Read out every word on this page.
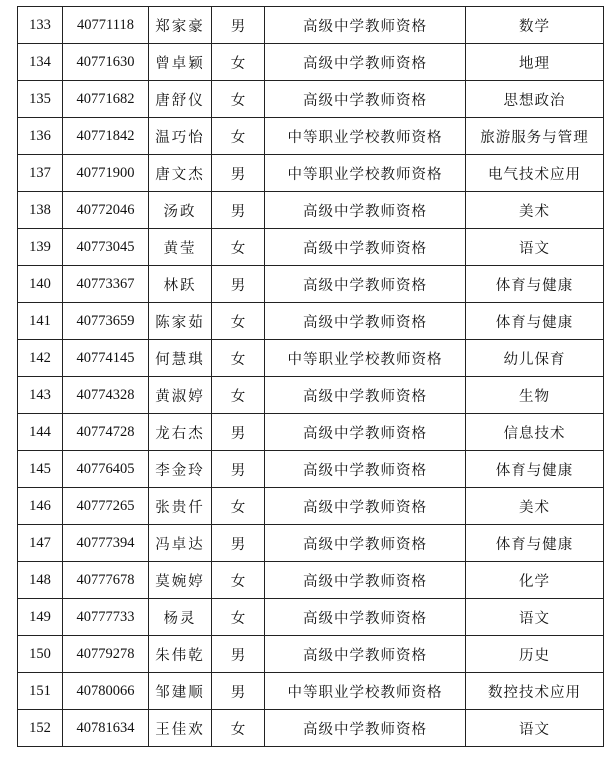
133	40771118	郑家豪	男	高级中学教师资格	数学
134	40771630	曾卓颖	女	高级中学教师资格	地理
135	40771682	唐舒仪	女	高级中学教师资格	思想政治
136	40771842	温巧怡	女	中等职业学校教师资格	旅游服务与管理
137	40771900	唐文杰	男	中等职业学校教师资格	电气技术应用
138	40772046	汤政	男	高级中学教师资格	美术
139	40773045	黄莹	女	高级中学教师资格	语文
140	40773367	林跃	男	高级中学教师资格	体育与健康
141	40773659	陈家茹	女	高级中学教师资格	体育与健康
142	40774145	何慧琪	女	中等职业学校教师资格	幼儿保育
143	40774328	黄淑婷	女	高级中学教师资格	生物
144	40774728	龙右杰	男	高级中学教师资格	信息技术
145	40776405	李金玲	男	高级中学教师资格	体育与健康
146	40777265	张贵仟	女	高级中学教师资格	美术
147	40777394	冯卓达	男	高级中学教师资格	体育与健康
148	40777678	莫婉婷	女	高级中学教师资格	化学
149	40777733	杨灵	女	高级中学教师资格	语文
150	40779278	朱伟乾	男	高级中学教师资格	历史
151	40780066	邹建顺	男	中等职业学校教师资格	数控技术应用
152	40781634	王佳欢	女	高级中学教师资格	语文
